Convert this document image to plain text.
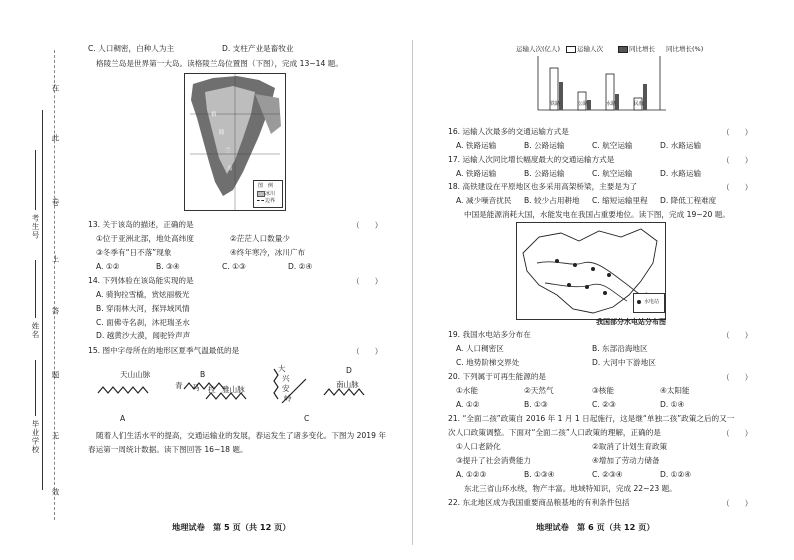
在
此
卷
上
答
题
无
效
考生号
姓名
毕业学校
C. 人口稠密，白种人为主	D. 支柱产业是畜牧业
格陵兰岛是世界第一大岛。读格陵兰岛位置图（下图），完成 13~14 题。
格
陵
兰
岛
图 例
冰川
边界
13. 关于该岛的描述，正确的是	（　　）
①位于亚洲北部，地处高纬度	②茫茫人口数量少
③冬季有“日不落”现象	④终年寒冷，冰川广布
A. ①②	B. ③④	C. ①③	D. ②④
14. 下列体验在该岛能实现的是	（　　）
A. 骑狗拉雪橇，赏炫丽极光
B. 穿雨林大河，探异域风情
C. 面佛寺名刹，沐祀瑞圣水
D. 越黄沙大漠，闻驼铃声声
15. 图中字母所在的地形区夏季气温最低的是	（　　）
天山山脉	B
青 马 拉 雅山脉
大
兴
安
岭
D
南山脉
A	C
随着人们生活水平的提高，交通运输业的发展，春运发生了诸多变化。下图为 2019 年
春运第一周统计数据。读下图回答 16~18 题。
地理试卷　第 5 页（共 12 页）
运输人次(亿人)	运输人次	同比增长 同比增长(%)
铁路	公路	水路	民航
16. 运输人次最多的交通运输方式是	（　　）
A. 铁路运输	B. 公路运输	C. 航空运输	D. 水路运输
17. 运输人次同比增长幅度最大的交通运输方式是	（　　）
A. 铁路运输	B. 公路运输	C. 航空运输	D. 水路运输
18. 高铁建设在平原地区也多采用高架桥梁，主要是为了	（　　）
A. 减少噪音扰民 B. 较少占用耕地 C. 缩短运输里程 D. 降低工程难度
中国是能源消耗大国，水能发电在我国占重要地位。读下图，完成 19~20 题。
水电站
我国部分水电站分布图
19. 我国水电站多分布在	（　　）
A. 人口稠密区	B. 东部沿海地区
C. 地势阶梯交界处	D. 大河中下游地区
20. 下列属于可再生能源的是	（　　）
①水能	②天然气	③核能	④太阳能
A. ①②	B. ①③	C. ②③	D. ①④
21. “全面二孩”政策自 2016 年 1 月 1 日起施行，这是继“单独二孩”政策之后的又一
次人口政策调整。下面对“全面二孩”人口政策的理解，正确的是	（　　）
①人口老龄化	②取消了计划生育政策
③提升了社会消费能力	④增加了劳动力储备
A. ①②③	B. ①③④	C. ②③④	D. ①②④
东北三省山环水绕，物产丰富。地域特知识，完成 22~23 题。
22. 东北地区成为我国重要商品粮基地的有利条件包括	（　　）
地理试卷　第 6 页（共 12 页）
